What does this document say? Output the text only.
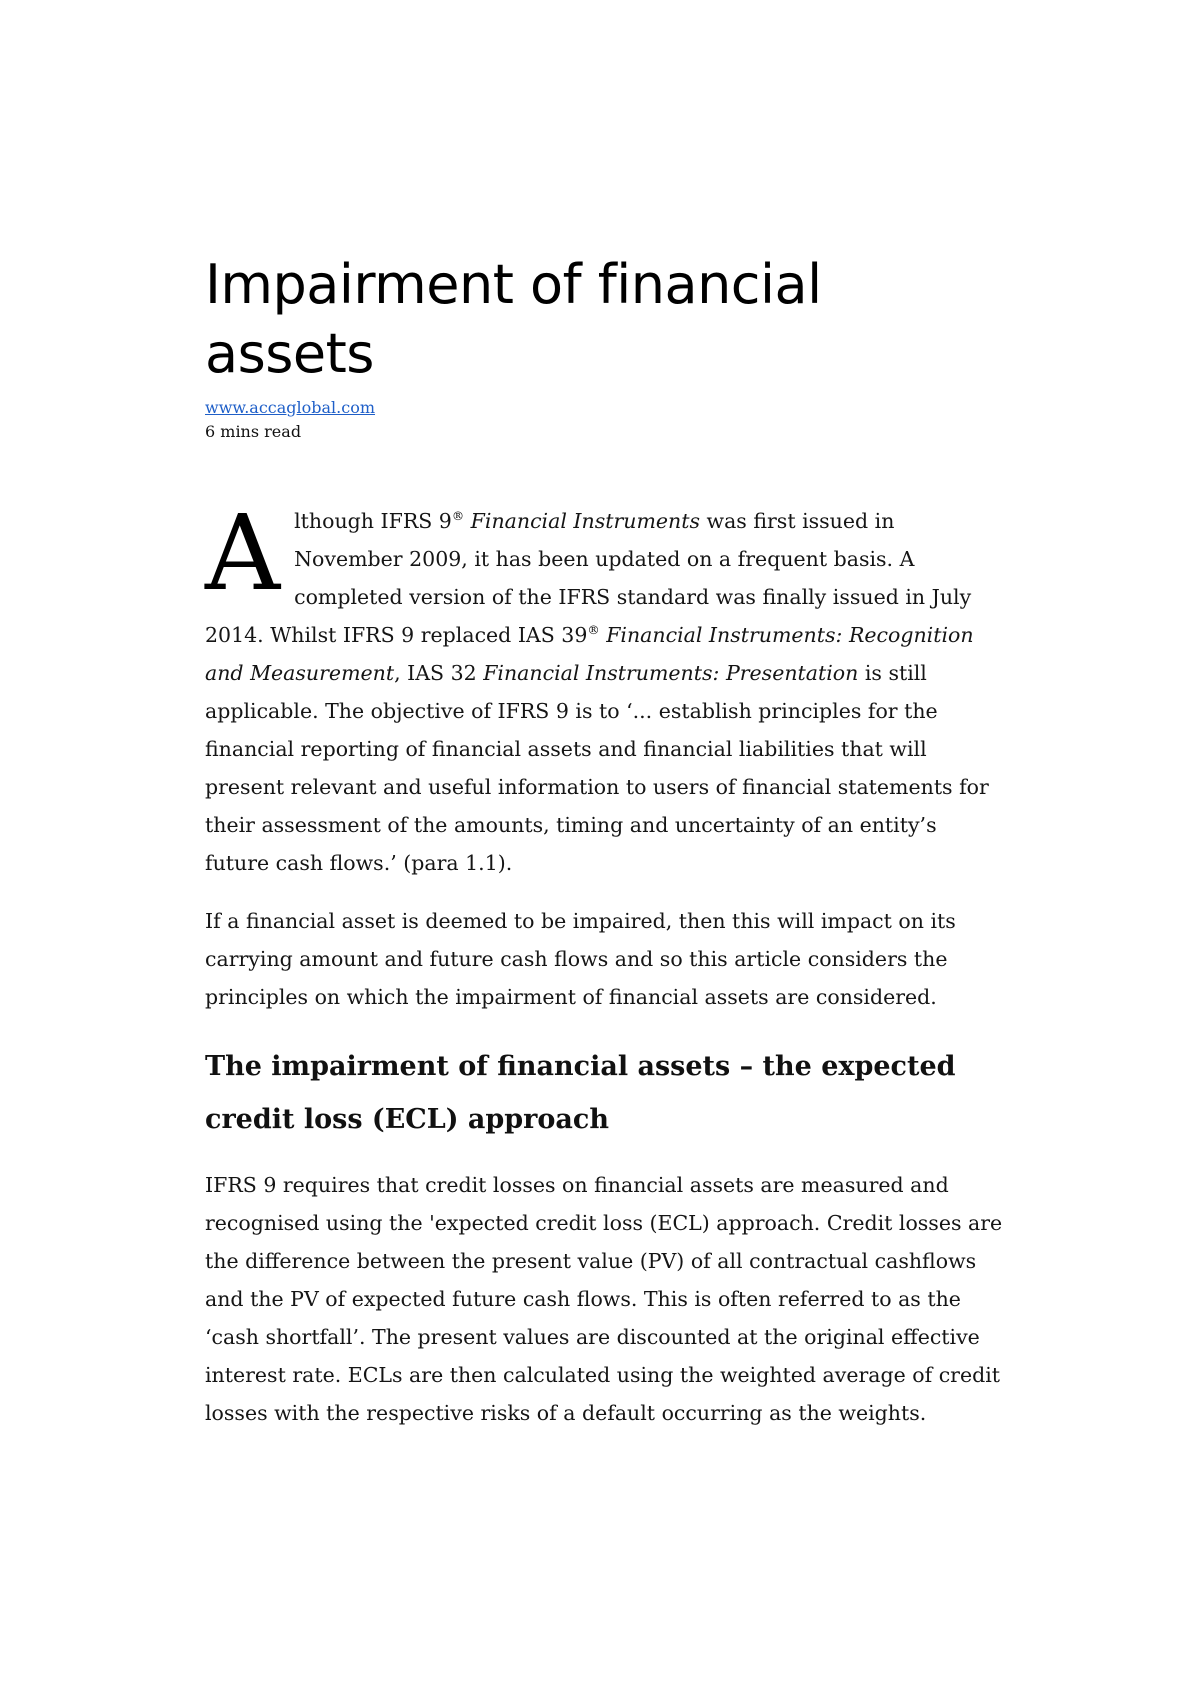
Impairment of financial assets
www.accaglobal.com
6 mins read

Although IFRS 9® Financial Instruments was first issued in November 2009, it has been updated on a frequent basis. A completed version of the IFRS standard was finally issued in July 2014. Whilst IFRS 9 replaced IAS 39® Financial Instruments: Recognition and Measurement, IAS 32 Financial Instruments: Presentation is still applicable. The objective of IFRS 9 is to ‘... establish principles for the financial reporting of financial assets and financial liabilities that will present relevant and useful information to users of financial statements for their assessment of the amounts, timing and uncertainty of an entity’s future cash flows.’ (para 1.1).

If a financial asset is deemed to be impaired, then this will impact on its carrying amount and future cash flows and so this article considers the principles on which the impairment of financial assets are considered.

The impairment of financial assets – the expected credit loss (ECL) approach

IFRS 9 requires that credit losses on financial assets are measured and recognised using the 'expected credit loss (ECL) approach. Credit losses are the difference between the present value (PV) of all contractual cashflows and the PV of expected future cash flows. This is often referred to as the ‘cash shortfall’. The present values are discounted at the original effective interest rate. ECLs are then calculated using the weighted average of credit losses with the respective risks of a default occurring as the weights.
